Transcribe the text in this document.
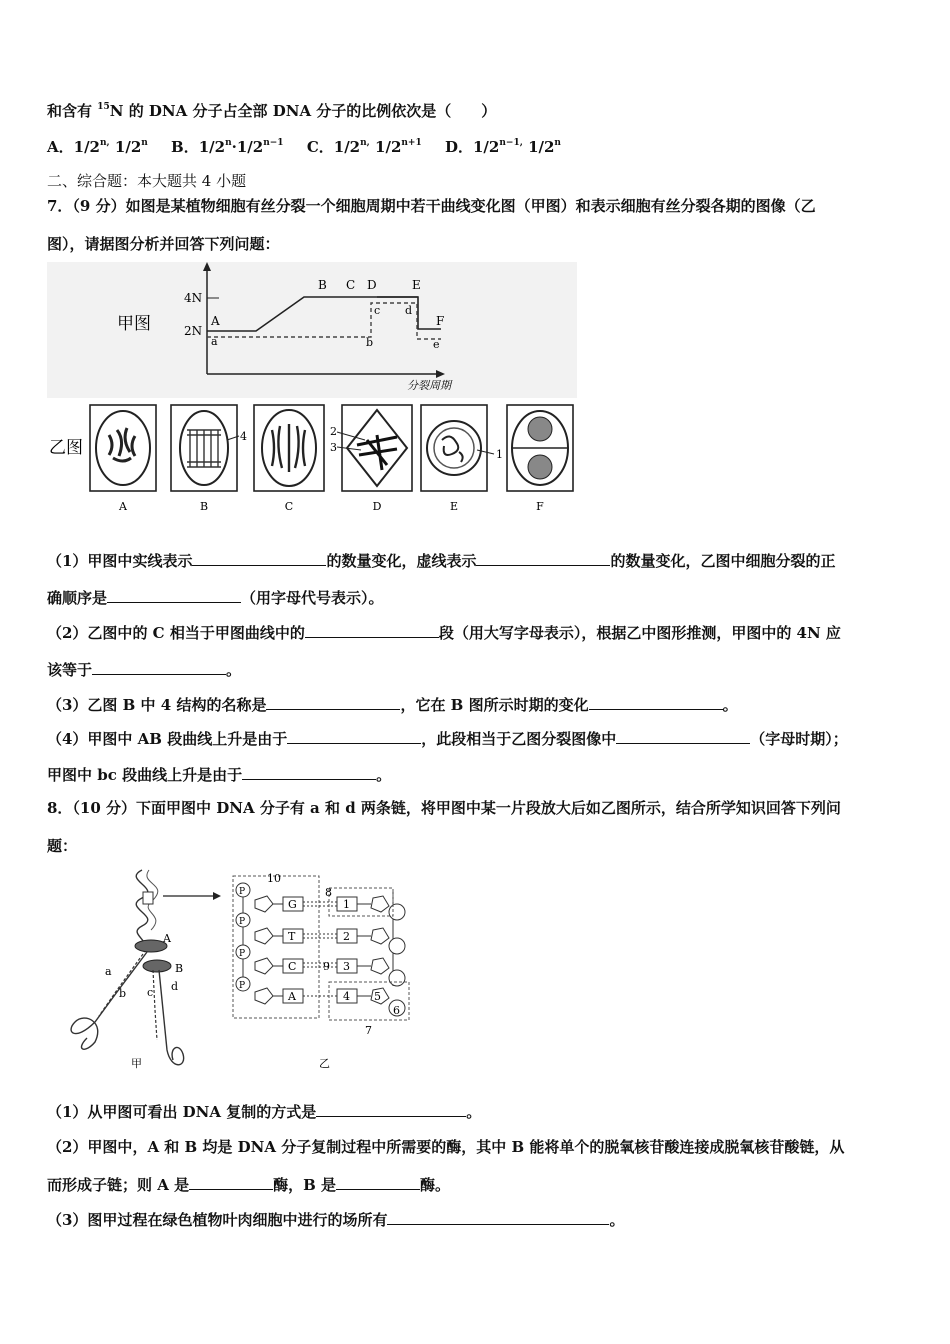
和含有 $^{15}$N 的 DNA 分子占全部 DNA 分子的比例依次是（　　）
A．$1/2^{n,}$ 1/2$^n$ B．$1/2^n\cdot 1/2^{n-1}$ C．$1/2^{n,}$ $1/2^{n+1}$ D．$1/2^{n-1,}$ 1/2$^n$
二、综合题：本大题共 4 小题
7．（9 分）如图是某植物细胞有丝分裂一个细胞周期中若干曲线变化图（甲图）和表示细胞有丝分裂各期的图像（乙
图），请据图分析并回答下列问题：
甲图
4N
2N
A
B C D	E
F
a	b
c d
e
分裂周期
乙图
4	2
3
1
A	B	C	D	E	F
（1）甲图中实线表示	的数量变化，虚线表示	的数量变化，乙图中细胞分裂的正
确顺序是	（用字母代号表示）。
（2）乙图中的 C 相当于甲图曲线中的	段（用大写字母表示），根据乙中图形推测，甲图中的 4N 应
该等于	。
（3）乙图 B 中 4 结构的名称是	，它在 B 图所示时期的变化	。
（4）甲图中 AB 段曲线上升是由于	，此段相当于乙图分裂图像中	（字母时期）；
甲图中 bc 段曲线上升是由于	。
8．（10 分）下面甲图中 DNA 分子有 a 和 d 两条链，将甲图中某一片段放大后如乙图所示，结合所学知识回答下列问
题：
A
B
a
b c d
甲
10
P
G	1
P
T	2
P
C 9 3
P
A	4
8
5
6
7
乙
（1）从甲图可看出 DNA 复制的方式是	。
（2）甲图中，A 和 B 均是 DNA 分子复制过程中所需要的酶，其中 B 能将单个的脱氧核苷酸连接成脱氧核苷酸链，从
而形成子链；则 A 是	酶，B 是	酶。
（3）图甲过程在绿色植物叶肉细胞中进行的场所有	。
